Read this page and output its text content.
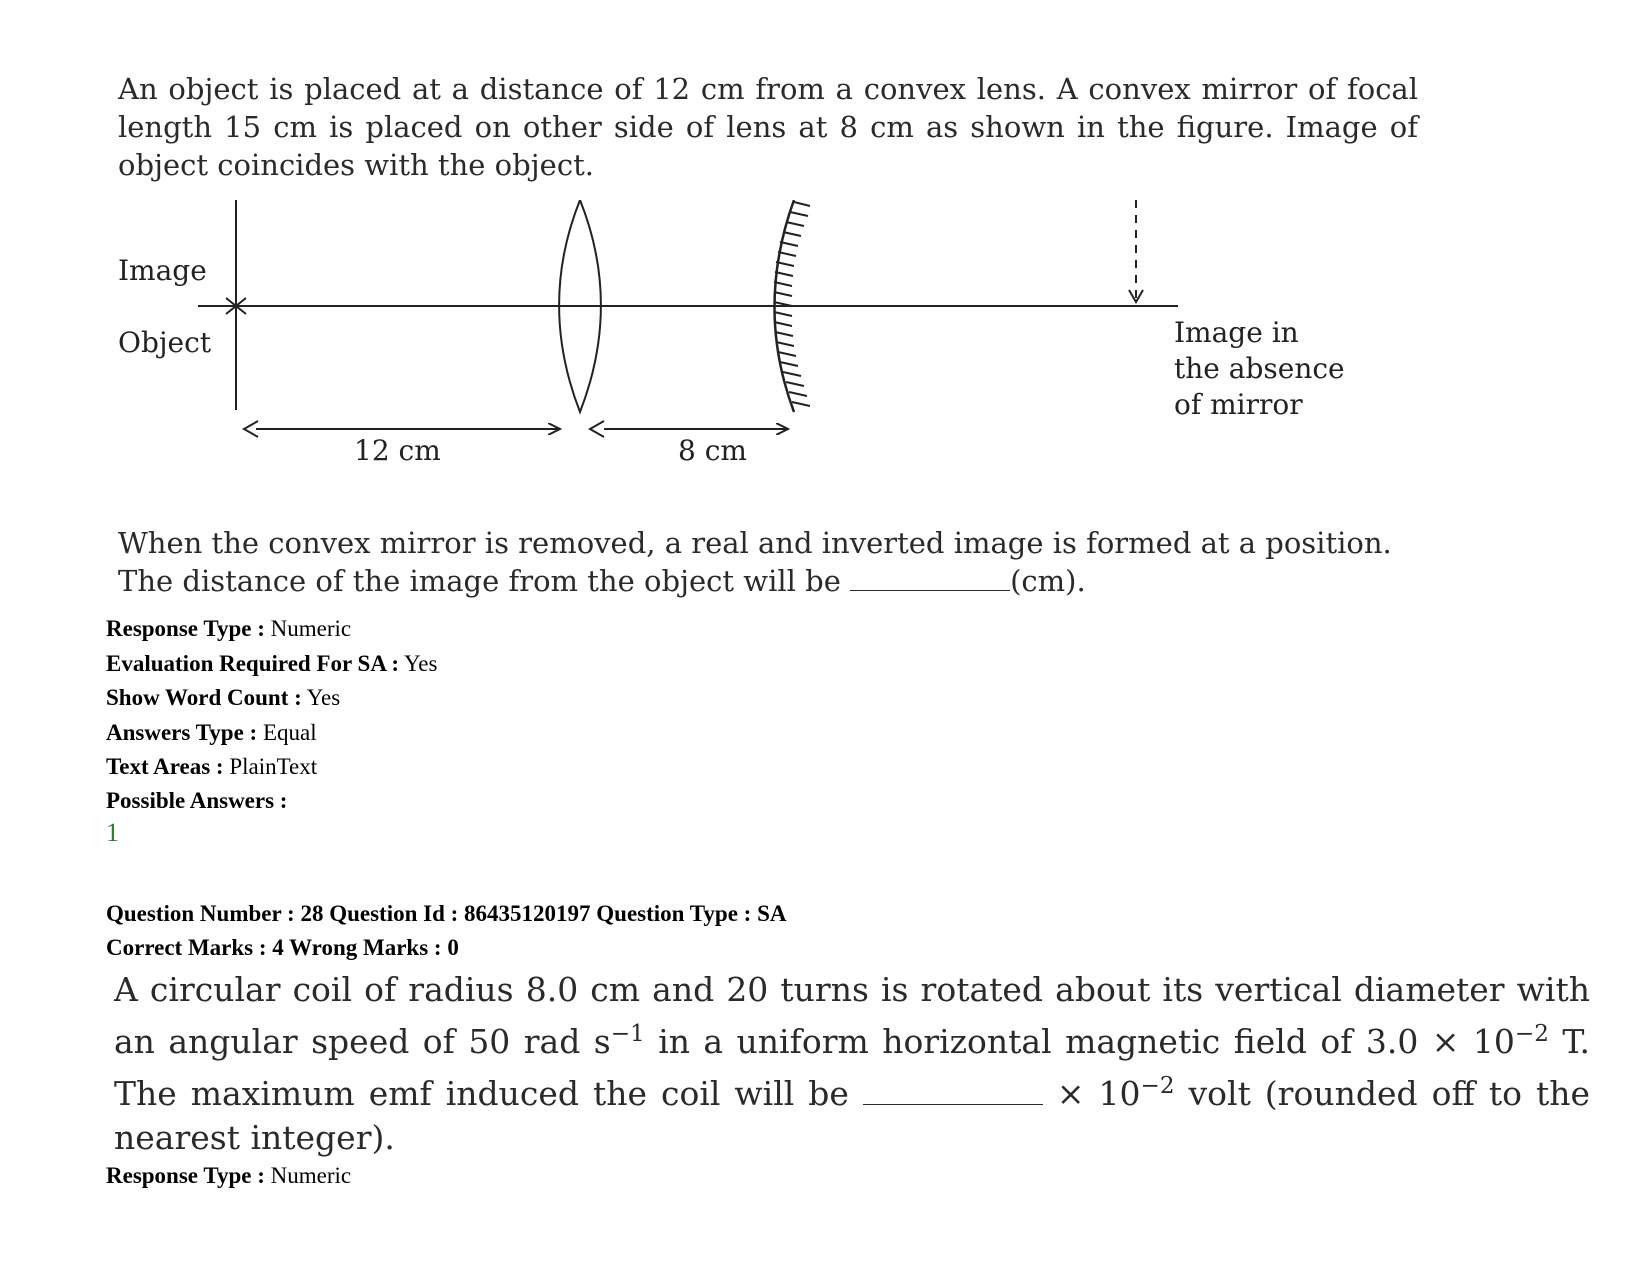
An object is placed at a distance of 12 cm from a convex lens. A convex mirror of focal length 15 cm is placed on other side of lens at 8 cm as shown in the figure. Image of object coincides with the object.

Image
Object	Image in
the absence
of mirror
12 cm	8 cm

When the convex mirror is removed, a real and inverted image is formed at a position. The distance of the image from the object will be	(cm).

Response Type : Numeric

Evaluation Required For SA : Yes

Show Word Count : Yes

Answers Type : Equal

Text Areas : PlainText

Possible Answers :

1
Question Number : 28 Question Id : 86435120197 Question Type : SA
Correct Marks : 4 Wrong Marks : 0
A circular coil of radius 8.0 cm and 20 turns is rotated about its vertical diameter with an angular speed of 50 rad $s^{-1}$ in a uniform horizontal magnetic field of $3.0 \times 10^{-2}$ T. The maximum emf induced the coil will be	× $10^{-2}$ volt (rounded off to the nearest integer).

Response Type : Numeric
